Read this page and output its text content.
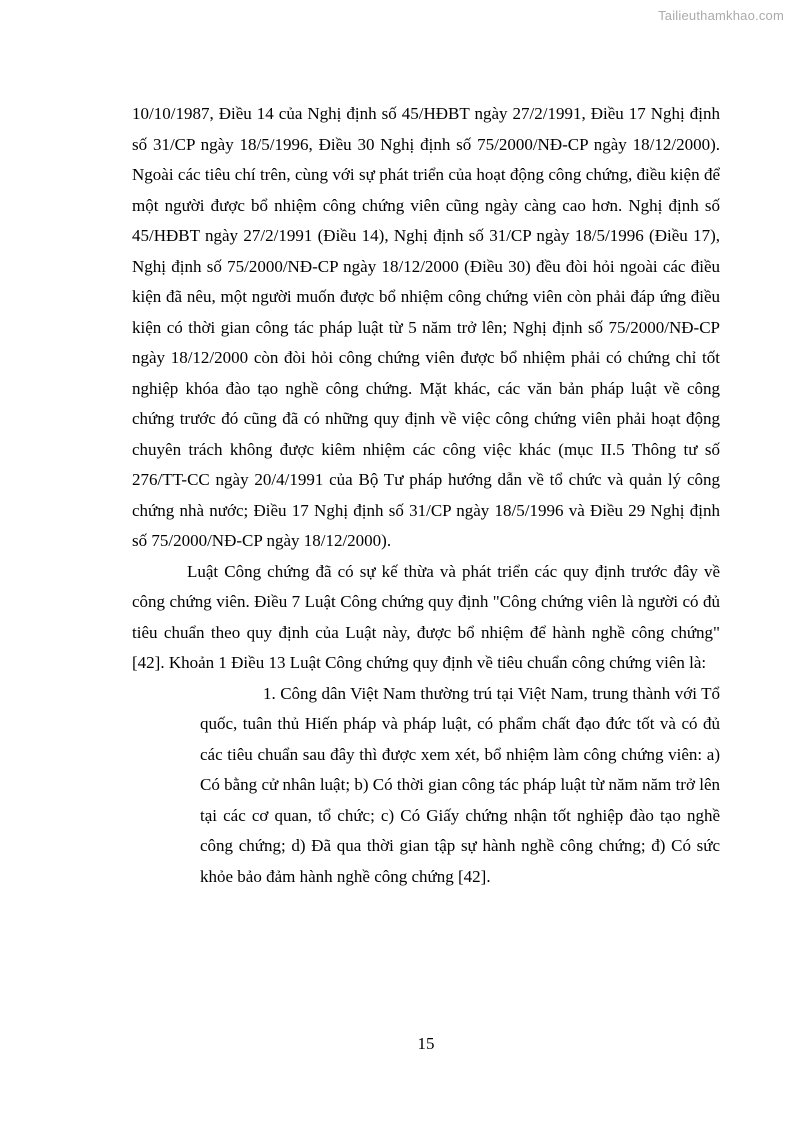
Tailieuthamkhao.com

10/10/1987, Điều 14 của Nghị định số 45/HĐBT ngày 27/2/1991, Điều 17 Nghị định số 31/CP ngày 18/5/1996, Điều 30 Nghị định số 75/2000/NĐ-CP ngày 18/12/2000). Ngoài các tiêu chí trên, cùng với sự phát triển của hoạt động công chứng, điều kiện để một người được bổ nhiệm công chứng viên cũng ngày càng cao hơn. Nghị định số 45/HĐBT ngày 27/2/1991 (Điều 14), Nghị định số 31/CP ngày 18/5/1996 (Điều 17), Nghị định số 75/2000/NĐ-CP ngày 18/12/2000 (Điều 30) đều đòi hỏi ngoài các điều kiện đã nêu, một người muốn được bổ nhiệm công chứng viên còn phải đáp ứng điều kiện có thời gian công tác pháp luật từ 5 năm trở lên; Nghị định số 75/2000/NĐ-CP ngày 18/12/2000 còn đòi hỏi công chứng viên được bổ nhiệm phải có chứng chỉ tốt nghiệp khóa đào tạo nghề công chứng. Mặt khác, các văn bản pháp luật về công chứng trước đó cũng đã có những quy định về việc công chứng viên phải hoạt động chuyên trách không được kiêm nhiệm các công việc khác (mục II.5 Thông tư số 276/TT-CC ngày 20/4/1991 của Bộ Tư pháp hướng dẫn về tổ chức và quản lý công chứng nhà nước; Điều 17 Nghị định số 31/CP ngày 18/5/1996 và Điều 29 Nghị định số 75/2000/NĐ-CP ngày 18/12/2000).

Luật Công chứng đã có sự kế thừa và phát triển các quy định trước đây về công chứng viên. Điều 7 Luật Công chứng quy định "Công chứng viên là người có đủ tiêu chuẩn theo quy định của Luật này, được bổ nhiệm để hành nghề công chứng" [42]. Khoản 1 Điều 13 Luật Công chứng quy định về tiêu chuẩn công chứng viên là:

1. Công dân Việt Nam thường trú tại Việt Nam, trung thành với Tổ quốc, tuân thủ Hiến pháp và pháp luật, có phẩm chất đạo đức tốt và có đủ các tiêu chuẩn sau đây thì được xem xét, bổ nhiệm làm công chứng viên: a) Có bằng cử nhân luật; b) Có thời gian công tác pháp luật từ năm năm trở lên tại các cơ quan, tổ chức; c) Có Giấy chứng nhận tốt nghiệp đào tạo nghề công chứng; d) Đã qua thời gian tập sự hành nghề công chứng; đ) Có sức khỏe bảo đảm hành nghề công chứng [42].

15
